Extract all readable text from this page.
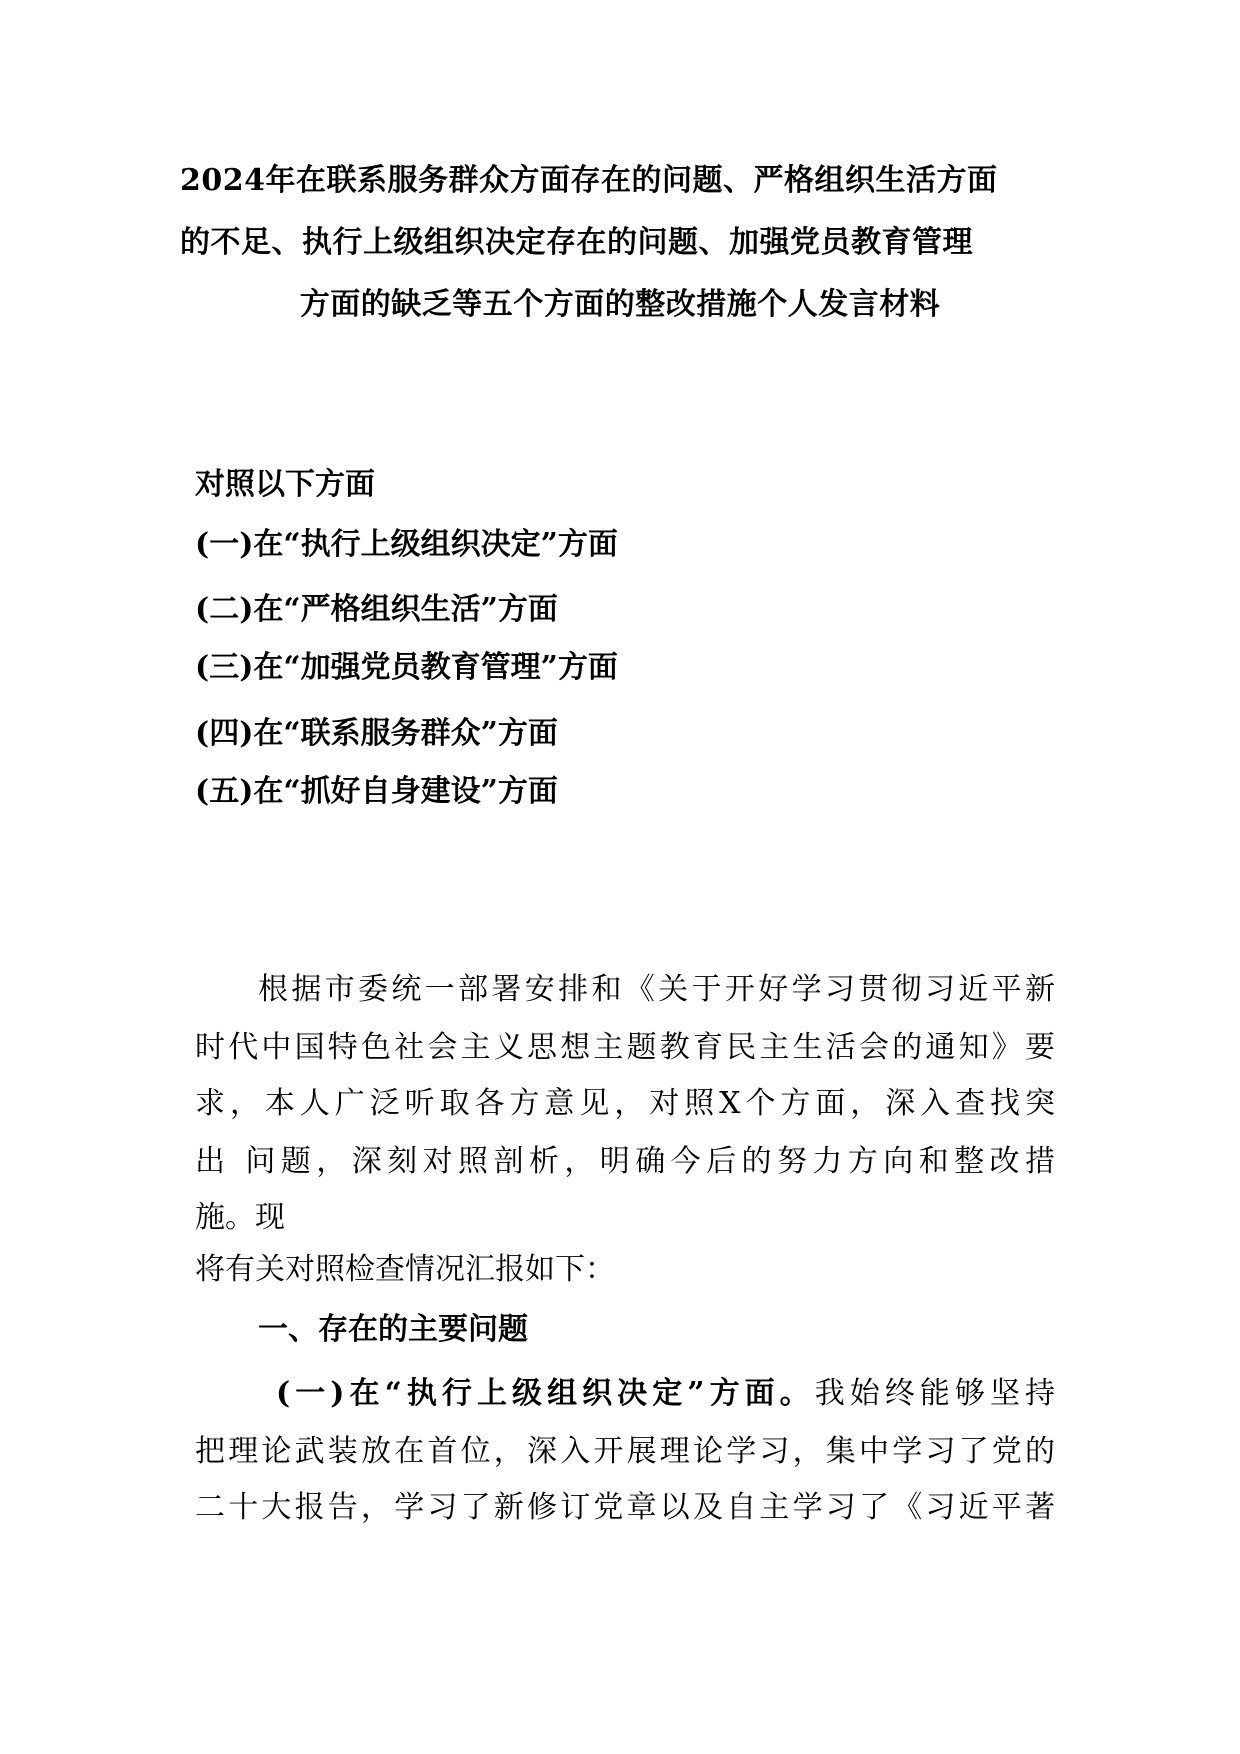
2024年在联系服务群众方面存在的问题、严格组织生活方面
的不足、执行上级组织决定存在的问题、加强党员教育管理
方面的缺乏等五个方面的整改措施个人发言材料
对照以下方面
(一)在“执行上级组织决定”方面
(二)在“严格组织生活”方面
(三)在“加强党员教育管理”方面
(四)在“联系服务群众”方面
(五)在“抓好自身建设”方面
根据市委统一部署安排和《关于开好学习贯彻习近平新
时代中国特色社会主义思想主题教育民主生活会的通知》要
求，本人广泛听取各方意见，对照X个方面，深入查找突
出 问题，深刻对照剖析，明确今后的努力方向和整改措
施。现
将有关对照检查情况汇报如下：
一、存在的主要问题
(一)在“执行上级组织决定”方面。我始终能够坚持
把理论武装放在首位，深入开展理论学习，集中学习了党的
二十大报告，学习了新修订党章以及自主学习了《习近平著
